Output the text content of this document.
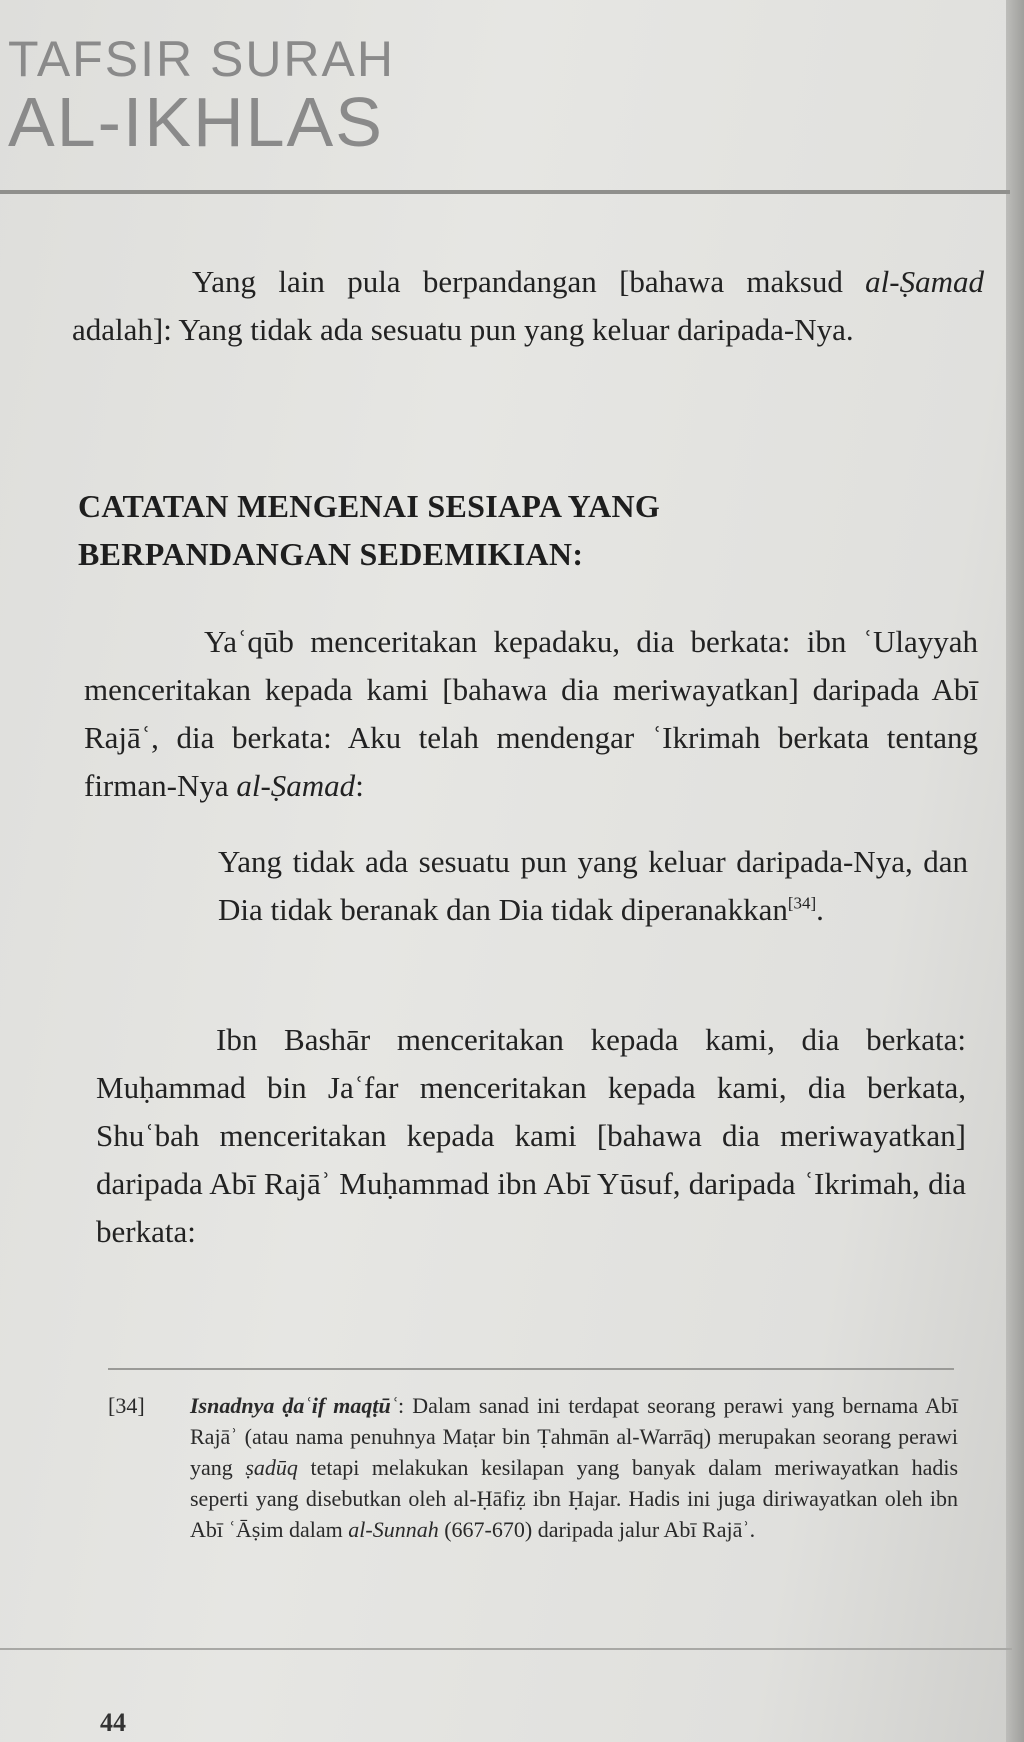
TAFSIR SURAH
AL-IKHLAS
Yang lain pula berpandangan [bahawa maksud al-Ṣamad adalah]: Yang tidak ada sesuatu pun yang keluar daripada-Nya.
CATATAN MENGENAI SESIAPA YANG BERPANDANGAN SEDEMIKIAN:
Yaʿqūb menceritakan kepadaku, dia berkata: ibn ʿUlayyah menceritakan kepada kami [bahawa dia meriwayatkan] daripada Abī Rajāʿ, dia berkata: Aku telah mendengar ʿIkrimah berkata tentang firman-Nya al-Ṣamad:
Yang tidak ada sesuatu pun yang keluar daripada-Nya, dan Dia tidak beranak dan Dia tidak diperanakkan[34].
Ibn Bashār menceritakan kepada kami, dia berkata: Muḥammad bin Jaʿfar menceritakan kepada kami, dia berkata, Shuʿbah menceritakan kepada kami [bahawa dia meriwayatkan] daripada Abī Rajāʾ Muḥammad ibn Abī Yūsuf, daripada ʿIkrimah, dia berkata:
[34]	Isnadnya ḍaʿif maqṭūʿ: Dalam sanad ini terdapat seorang perawi yang bernama Abī Rajāʾ (atau nama penuhnya Maṭar bin Ṭahmān al-Warrāq) merupakan seorang perawi yang ṣadūq tetapi melakukan kesilapan yang banyak dalam meriwayatkan hadis seperti yang disebutkan oleh al-Ḥāfiẓ ibn Ḥajar. Hadis ini juga diriwayatkan oleh ibn Abī ʿĀṣim dalam al-Sunnah (667-670) daripada jalur Abī Rajāʾ.
44
